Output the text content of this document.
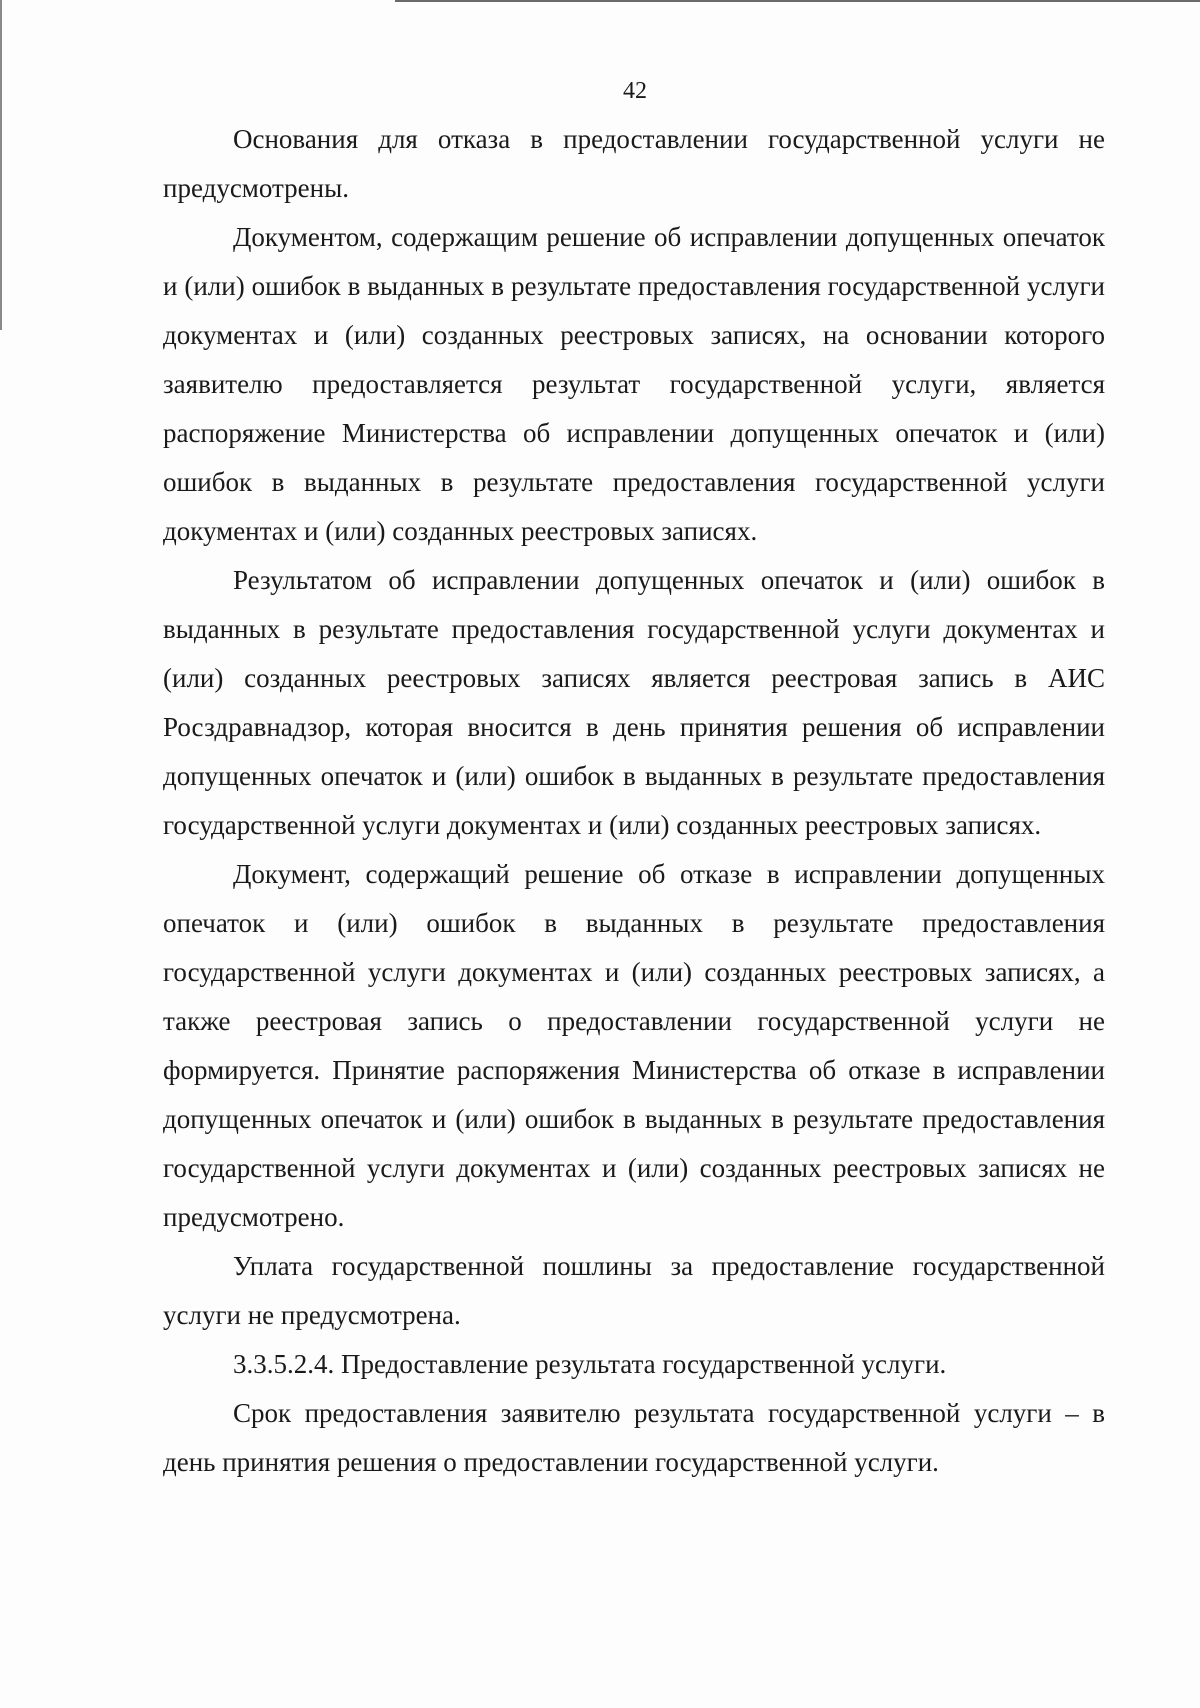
42

Основания для отказа в предоставлении государственной услуги не предусмотрены.

Документом, содержащим решение об исправлении допущенных опечаток и (или) ошибок в выданных в результате предоставления государственной услуги документах и (или) созданных реестровых записях, на основании которого заявителю предоставляется результат государственной услуги, является распоряжение Министерства об исправлении допущенных опечаток и (или) ошибок в выданных в результате предоставления государственной услуги документах и (или) созданных реестровых записях.

Результатом об исправлении допущенных опечаток и (или) ошибок в выданных в результате предоставления государственной услуги документах и (или) созданных реестровых записях является реестровая запись в АИС Росздравнадзор, которая вносится в день принятия решения об исправлении допущенных опечаток и (или) ошибок в выданных в результате предоставления государственной услуги документах и (или) созданных реестровых записях.

Документ, содержащий решение об отказе в исправлении допущенных опечаток и (или) ошибок в выданных в результате предоставления государственной услуги документах и (или) созданных реестровых записях, а также реестровая запись о предоставлении государственной услуги не формируется. Принятие распоряжения Министерства об отказе в исправлении допущенных опечаток и (или) ошибок в выданных в результате предоставления государственной услуги документах и (или) созданных реестровых записях не предусмотрено.

Уплата государственной пошлины за предоставление государственной услуги не предусмотрена.

3.3.5.2.4. Предоставление результата государственной услуги.

Срок предоставления заявителю результата государственной услуги – в день принятия решения о предоставлении государственной услуги.
